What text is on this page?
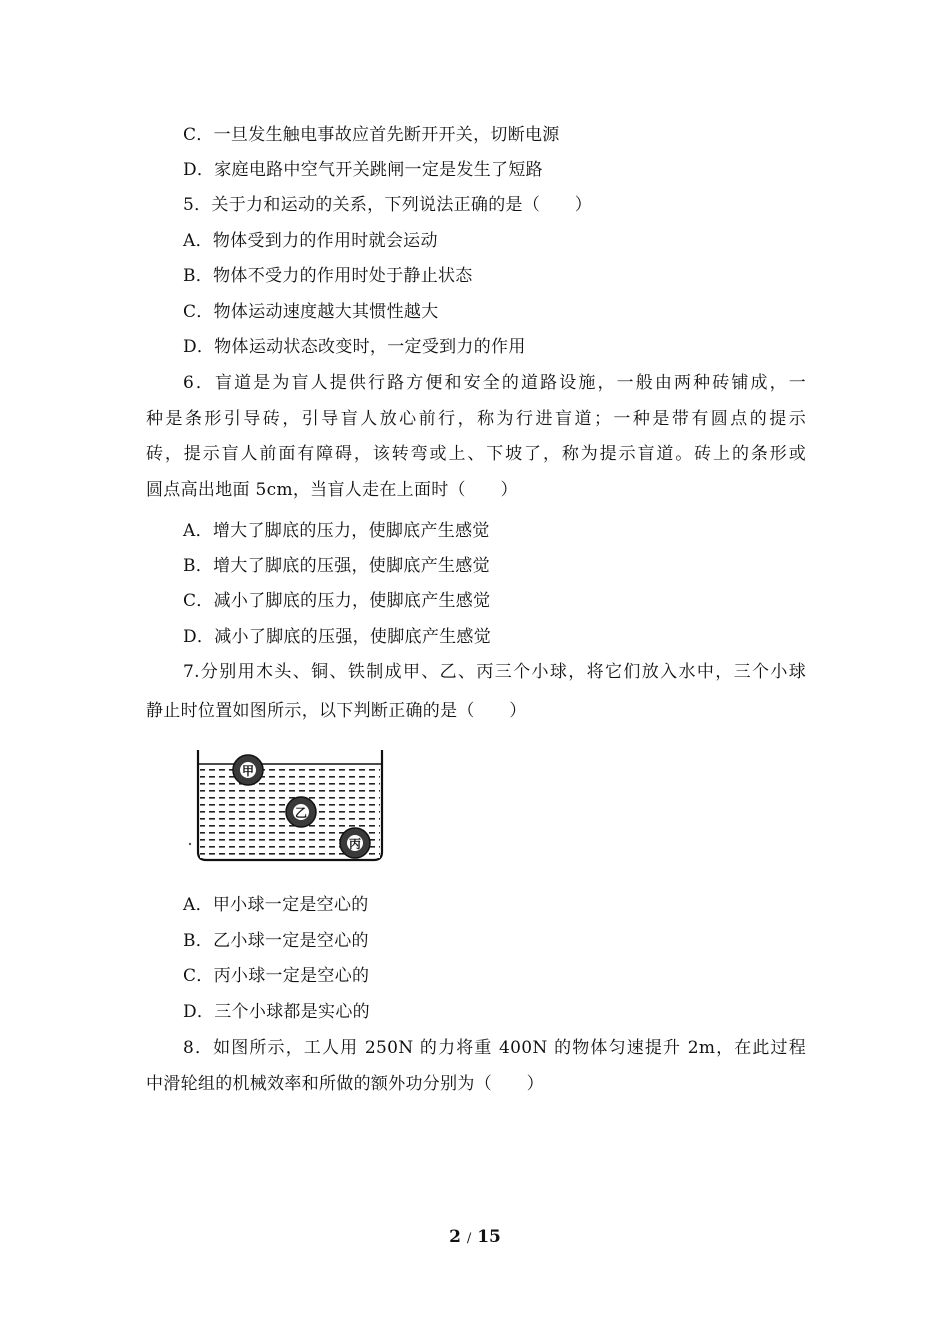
C．一旦发生触电事故应首先断开开关，切断电源
D．家庭电路中空气开关跳闸一定是发生了短路
5．关于力和运动的关系，下列说法正确的是（　　）
A．物体受到力的作用时就会运动
B．物体不受力的作用时处于静止状态
C．物体运动速度越大其惯性越大
D．物体运动状态改变时，一定受到力的作用
6．盲道是为盲人提供行路方便和安全的道路设施，一般由两种砖铺成，一
种是条形引导砖，引导盲人放心前行，称为行进盲道；一种是带有圆点的提示
砖，提示盲人前面有障碍，该转弯或上、下坡了，称为提示盲道。砖上的条形或
圆点高出地面 5cm，当盲人走在上面时（　　）
A．增大了脚底的压力，使脚底产生感觉
B．增大了脚底的压强，使脚底产生感觉
C．减小了脚底的压力，使脚底产生感觉
D．减小了脚底的压强，使脚底产生感觉
7.分别用木头、铜、铁制成甲、乙、丙三个小球，将它们放入水中，三个小球
静止时位置如图所示，以下判断正确的是（　　）
甲
乙
丙
A．甲小球一定是空心的
B．乙小球一定是空心的
C．丙小球一定是空心的
D．三个小球都是实心的
8．如图所示，工人用 250N 的力将重 400N 的物体匀速提升 2m，在此过程
中滑轮组的机械效率和所做的额外功分别为（　　）
2 / 15
